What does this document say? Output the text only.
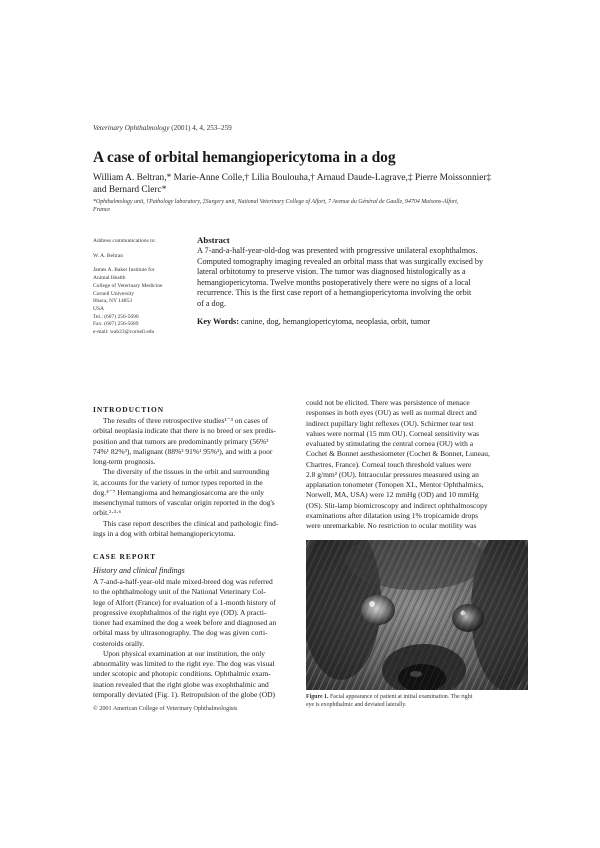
Veterinary Ophthalmology (2001) 4, 4, 253–259
A case of orbital hemangiopericytoma in a dog
William A. Beltran,* Marie-Anne Colle,† Lilia Boulouha,† Arnaud Daude-Lagrave,‡ Pierre Moissonnier‡
and Bernard Clerc*
*Ophthalmology unit, †Pathology laboratory, ‡Surgery unit, National Veterinary College of Alfort, 7 Avenue du Général de Gaulle, 94704 Maisons-Alfort,
France
Address communications to:
W. A. Beltran
James A. Baker Institute for
Animal Health
College of Veterinary Medicine
Cornell University
Ithaca, NY 14853
USA
Tel.: (607) 256-5690
Fax: (607) 256-5689
e-mail: wab23@cornell.edu
Abstract
A 7-and-a-half-year-old-dog was presented with progressive unilateral exophthalmos.
Computed tomography imaging revealed an orbital mass that was surgically excised by
lateral orbitotomy to preserve vision. The tumor was diagnosed histologically as a
hemangiopericytoma. Twelve months postoperatively there were no signs of a local
recurrence. This is the first case report of a hemangiopericytoma involving the orbit
of a dog.
Key Words: canine, dog, hemangiopericytoma, neoplasia, orbit, tumor
INTRODUCTION

The results of three retrospective studies¹⁻³ on cases of

orbital neoplasia indicate that there is no breed or sex predis-

position and that tumors are predominantly primary (56%²

74%¹ 82%³), malignant (88%² 91%¹ 95%³), and with a poor

long-term prognosis.

The diversity of the tissues in the orbit and surrounding

it, accounts for the variety of tumor types reported in the

dog.⁴⁻⁷ Hemangioma and hemangiosarcoma are the only

mesenchymal tumors of vascular origin reported in the dog's

orbit.²·³·⁶

This case report describes the clinical and pathologic find-

ings in a dog with orbital hemangiopericytoma.

CASE REPORT
History and clinical findings

A 7-and-a-half-year-old male mixed-breed dog was referred

to the ophthalmology unit of the National Veterinary Col-

lege of Alfort (France) for evaluation of a 1-month history of

progressive exophthalmos of the right eye (OD). A practi-

tioner had examined the dog a week before and diagnosed an

orbital mass by ultrasonography. The dog was given corti-

costeroids orally.

Upon physical examination at our institution, the only

abnormality was limited to the right eye. The dog was visual

under scotopic and photopic conditions. Ophthalmic exam-

ination revealed that the right globe was exophthalmic and

temporally deviated (Fig. 1). Retropulsion of the globe (OD)

could not be elicited. There was persistence of menace

responses in both eyes (OU) as well as normal direct and

indirect pupillary light reflexes (OU). Schirmer tear test

values were normal (15 mm OU). Corneal sensitivity was

evaluated by stimulating the central cornea (OU) with a

Cochet & Bonnet aesthesiometer (Cochet & Bonnet, Luneau,

Chartres, France). Corneal touch threshold values were

2.8 g/mm² (OU). Intraocular pressures measured using an

applanation tonometer (Tonopen XL, Mentor Ophthalmics,

Norwell, MA, USA) were 12 mmHg (OD) and 10 mmHg

(OS). Slit-lamp biomicroscopy and indirect ophthalmoscopy

examinations after dilatation using 1% tropicamide drops

were unremarkable. No restriction to ocular motility was

Figure 1. Facial appearance of patient at initial examination. The right
eye is exophthalmic and deviated laterally.
© 2001 American College of Veterinary Ophthalmologists
